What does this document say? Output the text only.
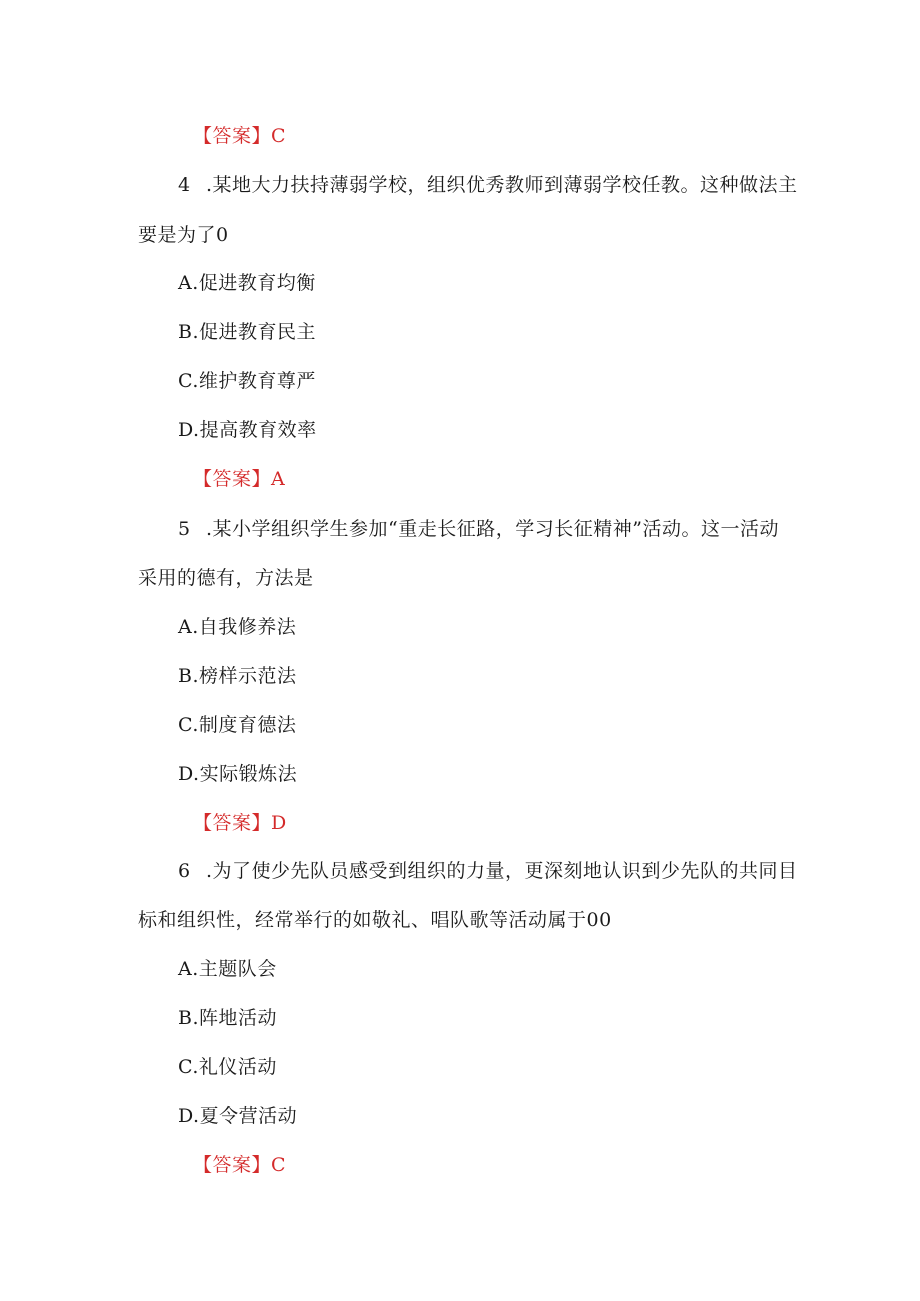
【答案】C
4 .某地大力扶持薄弱学校，组织优秀教师到薄弱学校任教。这种做法主
要是为了0
A.促进教育均衡
B.促进教育民主
C.维护教育尊严
D.提高教育效率
【答案】A
5 .某小学组织学生参加“重走长征路，学习长征精神”活动。这一活动
采用的德有，方法是
A.自我修养法
B.榜样示范法
C.制度育德法
D.实际锻炼法
【答案】D
6 .为了使少先队员感受到组织的力量，更深刻地认识到少先队的共同目
标和组织性，经常举行的如敬礼、唱队歌等活动属于00
A.主题队会
B.阵地活动
C.礼仪活动
D.夏令营活动
【答案】C
